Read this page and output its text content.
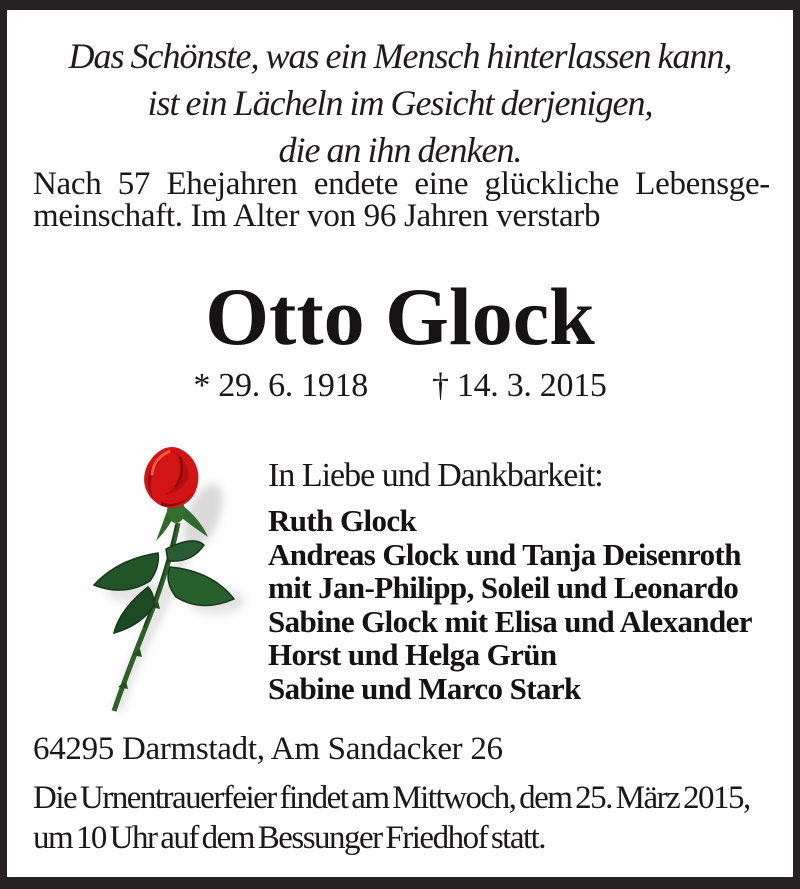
Das Schönste, was ein Mensch hinterlassen kann,
ist ein Lächeln im Gesicht derjenigen,
die an ihn denken.
Nach 57 Ehejahren endete eine glückliche Lebensge-
meinschaft. Im Alter von 96 Jahren verstarb
Otto Glock
* 29. 6. 1918 † 14. 3. 2015
In Liebe und Dankbarkeit:
Ruth Glock
Andreas Glock und Tanja Deisenroth
mit Jan-Philipp, Soleil und Leonardo
Sabine Glock mit Elisa und Alexander
Horst und Helga Grün
Sabine und Marco Stark
64295 Darmstadt, Am Sandacker 26
Die Urnentrauerfeier findet am Mittwoch, dem 25. März 2015,
um 10 Uhr auf dem Bessunger Friedhof statt.
